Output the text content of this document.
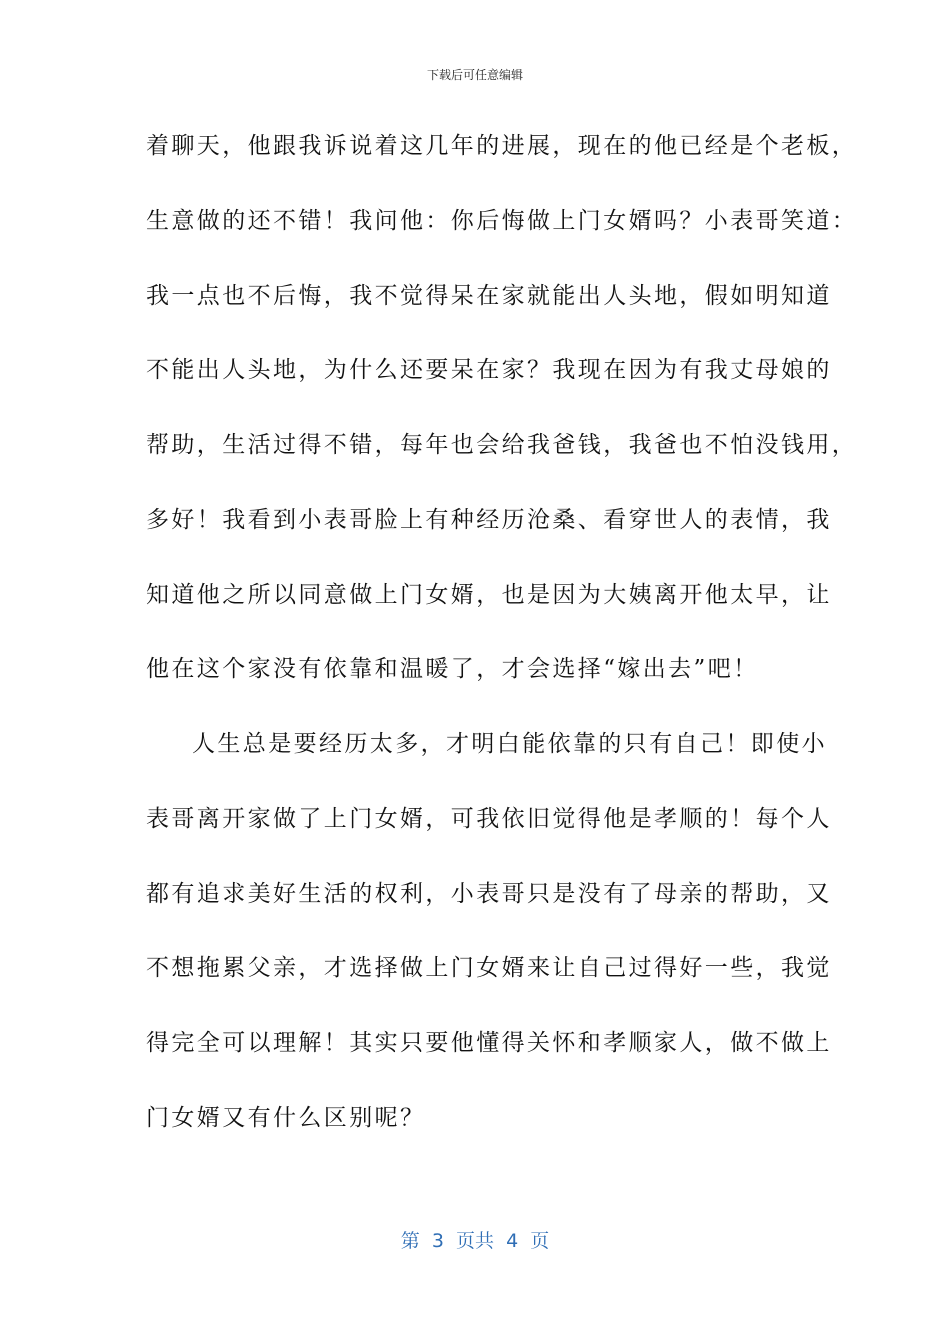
下载后可任意编辑
着聊天，他跟我诉说着这几年的进展，现在的他已经是个老板，
生意做的还不错！我问他：你后悔做上门女婿吗？小表哥笑道：
我一点也不后悔，我不觉得呆在家就能出人头地，假如明知道
不能出人头地，为什么还要呆在家？我现在因为有我丈母娘的
帮助，生活过得不错，每年也会给我爸钱，我爸也不怕没钱用，
多好！我看到小表哥脸上有种经历沧桑、看穿世人的表情，我
知道他之所以同意做上门女婿，也是因为大姨离开他太早，让
他在这个家没有依靠和温暖了，才会选择“嫁出去”吧！
人生总是要经历太多，才明白能依靠的只有自己！即使小
表哥离开家做了上门女婿，可我依旧觉得他是孝顺的！每个人
都有追求美好生活的权利，小表哥只是没有了母亲的帮助，又
不想拖累父亲，才选择做上门女婿来让自己过得好一些，我觉
得完全可以理解！其实只要他懂得关怀和孝顺家人，做不做上
门女婿又有什么区别呢？
第  3  页共  4  页
